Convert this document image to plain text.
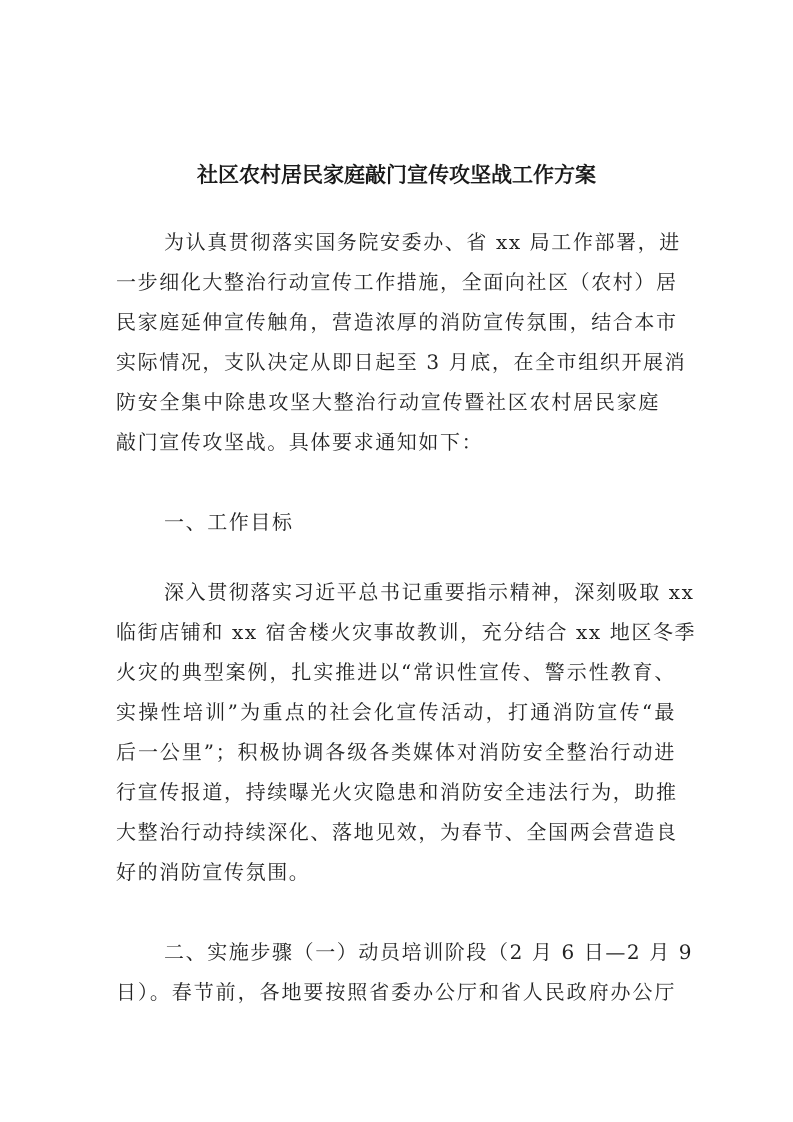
社区农村居民家庭敲门宣传攻坚战工作方案

为认真贯彻落实国务院安委办、省 xx 局工作部署，进

一步细化大整治行动宣传工作措施，全面向社区（农村）居

民家庭延伸宣传触角，营造浓厚的消防宣传氛围，结合本市

实际情况，支队决定从即日起至 3 月底，在全市组织开展消

防安全集中除患攻坚大整治行动宣传暨社区农村居民家庭

敲门宣传攻坚战。具体要求通知如下：

一、工作目标

深入贯彻落实习近平总书记重要指示精神，深刻吸取 xx

临街店铺和 xx 宿舍楼火灾事故教训，充分结合 xx 地区冬季

火灾的典型案例，扎实推进以“常识性宣传、警示性教育、

实操性培训”为重点的社会化宣传活动，打通消防宣传“最

后一公里”；积极协调各级各类媒体对消防安全整治行动进

行宣传报道，持续曝光火灾隐患和消防安全违法行为，助推

大整治行动持续深化、落地见效，为春节、全国两会营造良

好的消防宣传氛围。

二、实施步骤（一）动员培训阶段（2 月 6 日—2 月 9

日）。春节前，各地要按照省委办公厅和省人民政府办公厅
